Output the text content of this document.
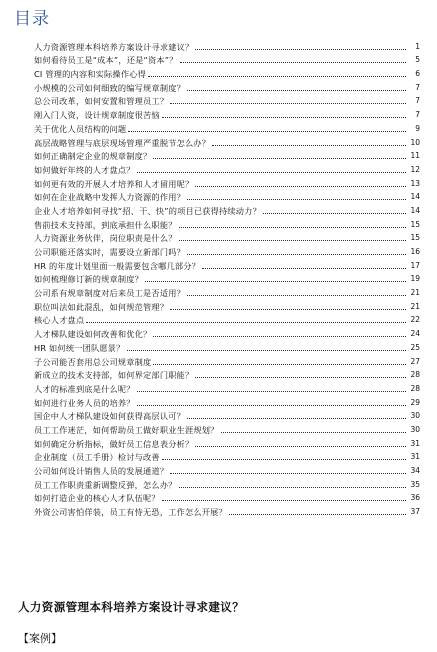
目录
人力资源管理本科培养方案设计寻求建议？	1
如何看待员工是“成本”，还是“资本”？	5
CI 管理的内容和实际操作心得	6
小规模的公司如何细致的编写规章制度？	7
总公司改革，如何安置和管理员工？	7
刚入门人资，设计规章制度很苦恼	7
关于优化人员结构的问题	9
高层战略管理与底层现场管理严重脱节怎么办？	10
如何正确制定企业的规章制度？	11
如何做好年终的人才盘点？	12
如何更有效的开展人才培养和人才留用呢？	13
如何在企业战略中发挥人力资源的作用？	14
企业人才培养如何寻找“招、干、快”的项目已获得持续动力？	14
售前技术支持部，到底承担什么职能？	15
人力资源业务伙伴，岗位职责是什么？	15
公司职能还落实时，需要设立新部门吗？	16
HR 的年度计划里面一般需要包含哪几部分？	17
如何梳理修订新的规章制度？	19
公司系有规章制度对后来员工是否适用？	21
职位叫法如此混乱，如何规范管理？	21
核心人才盘点	22
人才梯队建设如何改善和优化？	24
HR 如何统一团队愿景？	25
子公司能否套用总公司规章制度	27
新成立的技术支持部，如何界定部门职能？	28
人才的标准到底是什么呢？	28
如何进行业务人员的培养？	29
国企中人才梯队建设如何获得高层认可？	30
员工工作迷茫，如何帮助员工做好职业生涯规划？	30
如何确定分析指标，做好员工信息表分析？	31
企业制度（员工手册）检讨与改善	31
公司如何设计销售人员的发展通道？	34
员工工作职责重新调整反弹，怎么办？	35
如何打造企业的核心人才队伍呢？	36
外资公司害怕佯装，员工有恃无恐，工作怎么开展？	37
人力资源管理本科培养方案设计寻求建议？
【案例】
